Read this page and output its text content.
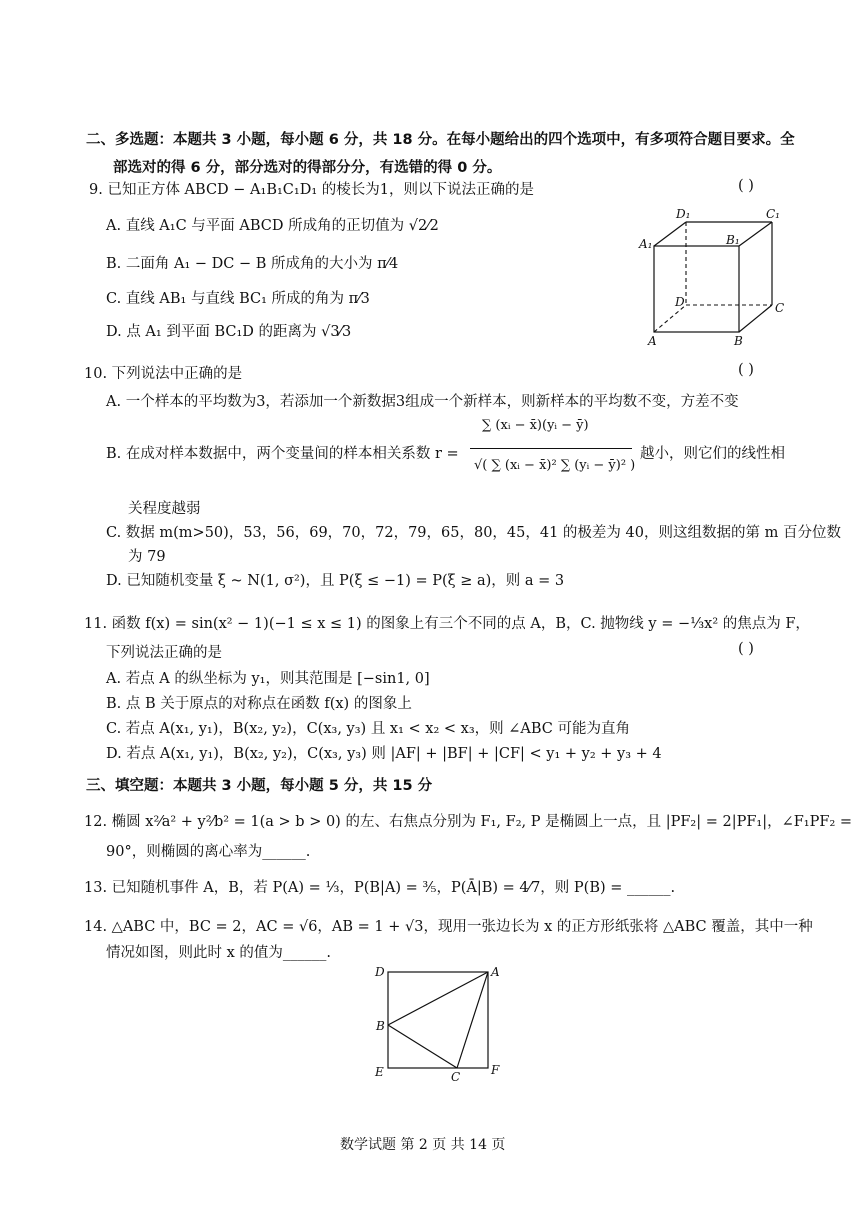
二、多选题：本题共 3 小题，每小题 6 分，共 18 分。在每小题给出的四个选项中，有多项符合题目要求。全
部选对的得 6 分，部分选对的得部分分，有选错的得 0 分。
9. 已知正方体 ABCD − A₁B₁C₁D₁ 的棱长为1，则以下说法正确的是	( )
A. 直线 A₁C 与平面 ABCD 所成角的正切值为 √2⁄2
B. 二面角 A₁ − DC − B 所成角的大小为 π⁄4
C. 直线 AB₁ 与直线 BC₁ 所成的角为 π⁄3
D. 点 A₁ 到平面 BC₁D 的距离为 √3⁄3
D₁	C₁
A₁	B₁
D	C
A	B
10. 下列说法中正确的是	( )
A. 一个样本的平均数为3，若添加一个新数据3组成一个新样本，则新样本的平均数不变，方差不变
B. 在成对样本数据中，两个变量间的样本相关系数 r =
∑ (xᵢ − x̄)(yᵢ − ȳ)
√( ∑ (xᵢ − x̄)² ∑ (yᵢ − ȳ)² )
越小，则它们的线性相
关程度越弱
C. 数据 m(m>50)，53，56，69，70，72，79，65，80，45，41 的极差为 40，则这组数据的第 m 百分位数
为 79
D. 已知随机变量 ξ ~ N(1, σ²)，且 P(ξ ≤ −1) = P(ξ ≥ a)，则 a = 3
11. 函数 f(x) = sin(x² − 1)(−1 ≤ x ≤ 1) 的图象上有三个不同的点 A，B，C. 抛物线 y = −⅓x² 的焦点为 F，
下列说法正确的是	( )
A. 若点 A 的纵坐标为 y₁，则其范围是 [−sin1, 0]
B. 点 B 关于原点的对称点在函数 f(x) 的图象上
C. 若点 A(x₁, y₁)，B(x₂, y₂)，C(x₃, y₃) 且 x₁ < x₂ < x₃，则 ∠ABC 可能为直角
D. 若点 A(x₁, y₁)，B(x₂, y₂)，C(x₃, y₃) 则 |AF| + |BF| + |CF| < y₁ + y₂ + y₃ + 4
三、填空题：本题共 3 小题，每小题 5 分，共 15 分
12. 椭圆 x²⁄a² + y²⁄b² = 1(a > b > 0) 的左、右焦点分别为 F₁, F₂, P 是椭圆上一点，且 |PF₂| = 2|PF₁|，∠F₁PF₂ =
90°，则椭圆的离心率为______.
13. 已知随机事件 A，B，若 P(A) = ⅓，P(B|A) = ⅗，P(Ā|B) = 4⁄7，则 P(B) = ______.
14. △ABC 中，BC = 2，AC = √6，AB = 1 + √3，现用一张边长为 x 的正方形纸张将 △ABC 覆盖，其中一种
情况如图，则此时 x 的值为______.
D	A
B
E	C	F
数学试题 第 2 页 共 14 页
